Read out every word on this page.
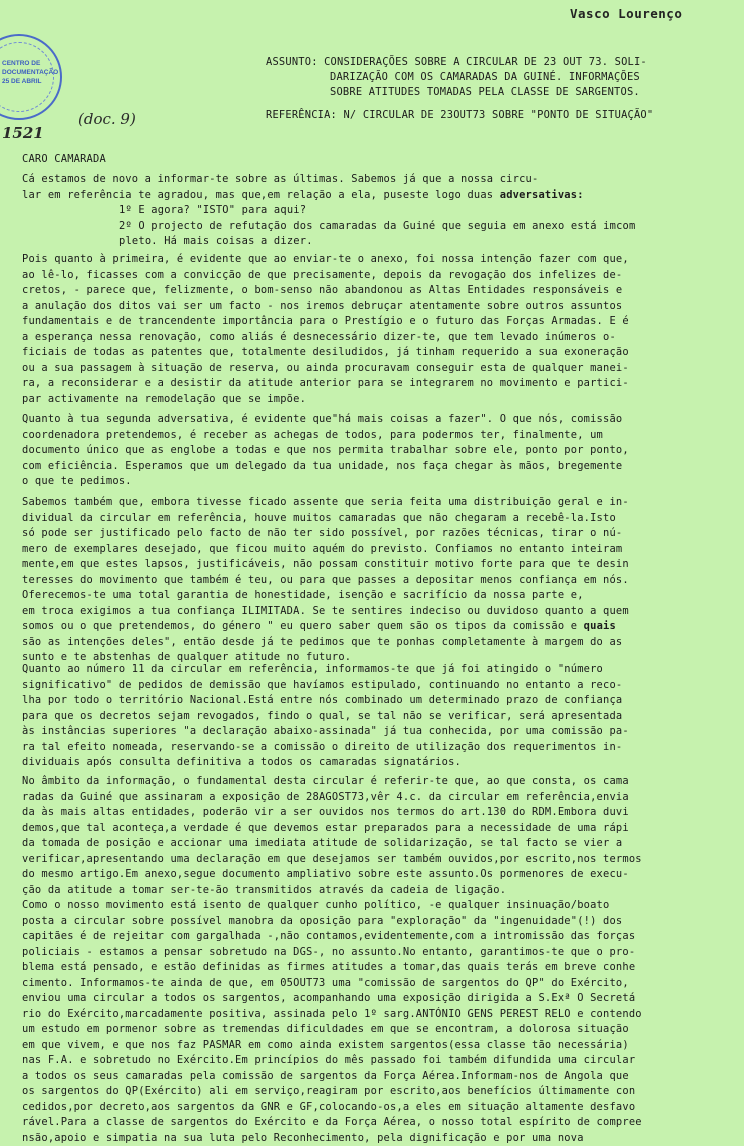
Vasco Lourenço
(doc. 9)
1521
CENTRO DE
DOCUMENTAÇÃO
25 DE ABRIL
ASSUNTO: CONSIDERAÇÕES SOBRE A CIRCULAR DE 23 OUT 73. SOLI-
DARIZAÇÃO COM OS CAMARADAS DA GUINÉ. INFORMAÇÕES
SOBRE ATITUDES TOMADAS PELA CLASSE DE SARGENTOS.
REFERÊNCIA: N/ CIRCULAR DE 23OUT73 SOBRE "PONTO DE SITUAÇÃO"
CARO CAMARADA
Cá estamos de novo a informar-te sobre as últimas. Sabemos já que a nossa circu-
lar em referência te agradou, mas que,em relação a ela, puseste logo duas adversativas:
1º E agora? "ISTO" para aqui?
2º O projecto de refutação dos camaradas da Guiné que seguia em anexo está imcom
pleto. Há mais coisas a dizer.
Pois quanto à primeira, é evidente que ao enviar-te o anexo, foi nossa intenção fazer com que,
ao lê-lo, ficasses com a convicção de que precisamente, depois da revogação dos infelizes de-
cretos, - parece que, felizmente, o bom-senso não abandonou as Altas Entidades responsáveis e
a anulação dos ditos vai ser um facto - nos iremos debruçar atentamente sobre outros assuntos
fundamentais e de trancendente importância para o Prestígio e o futuro das Forças Armadas. E é
a esperança nessa renovação, como aliás é desnecessário dizer-te, que tem levado inúmeros o-
ficiais de todas as patentes que, totalmente desiludidos, já tinham requerido a sua exoneração
ou a sua passagem à situação de reserva, ou ainda procuravam conseguir esta de qualquer manei-
ra, a reconsiderar e a desistir da atitude anterior para se integrarem no movimento e partici-
par activamente na remodelação que se impõe.
Quanto à tua segunda adversativa, é evidente que"há mais coisas a fazer". O que nós, comissão
coordenadora pretendemos, é receber as achegas de todos, para podermos ter, finalmente, um
documento único que as englobe a todas e que nos permita trabalhar sobre ele, ponto por ponto,
com eficiência. Esperamos que um delegado da tua unidade, nos faça chegar às mãos, bregemente
o que te pedimos.
Sabemos também que, embora tivesse ficado assente que seria feita uma distribuição geral e in-
dividual da circular em referência, houve muitos camaradas que não chegaram a recebê-la.Isto
só pode ser justificado pelo facto de não ter sido possível, por razões técnicas, tirar o nú-
mero de exemplares desejado, que ficou muito aquém do previsto. Confiamos no entanto inteiram
mente,em que estes lapsos, justificáveis, não possam constituir motivo forte para que te desin
teresses do movimento que também é teu, ou para que passes a depositar menos confiança em nós.
Oferecemos-te uma total garantia de honestidade, isenção e sacrifício da nossa parte e,
em troca exigimos a tua confiança ILIMITADA. Se te sentires indeciso ou duvidoso quanto a quem
somos ou o que pretendemos, do género " eu quero saber quem são os tipos da comissão e quais
são as intenções deles", então desde já te pedimos que te ponhas completamente à margem do as
sunto e te abstenhas de qualquer atitude no futuro.
Quanto ao número 11 da circular em referência, informamos-te que já foi atingido o "número
significativo" de pedidos de demissão que havíamos estipulado, continuando no entanto a reco-
lha por todo o território Nacional.Está entre nós combinado um determinado prazo de confiança
para que os decretos sejam revogados, findo o qual, se tal não se verificar, será apresentada
às instâncias superiores "a declaração abaixo-assinada" já tua conhecida, por uma comissão pa-
ra tal efeito nomeada, reservando-se a comissão o direito de utilização dos requerimentos in-
dividuais após consulta definitiva a todos os camaradas signatários.
No âmbito da informação, o fundamental desta circular é referir-te que, ao que consta, os cama
radas da Guiné que assinaram a exposição de 28AGOST73,vêr 4.c. da circular em referência,envia
da às mais altas entidades, poderão vir a ser ouvidos nos termos do art.130 do RDM.Embora duvi
demos,que tal aconteça,a verdade é que devemos estar preparados para a necessidade de uma rápi
da tomada de posição e accionar uma imediata atitude de solidarização, se tal facto se vier a
verificar,apresentando uma declaração em que desejamos ser também ouvidos,por escrito,nos termos
do mesmo artigo.Em anexo,segue documento ampliativo sobre este assunto.Os pormenores de execu-
ção da atitude a tomar ser-te-ão transmitidos através da cadeia de ligação.
Como o nosso movimento está isento de qualquer cunho político, -e qualquer insinuação/boato
posta a circular sobre possível manobra da oposição para "exploração" da "ingenuidade"(!) dos
capitães é de rejeitar com gargalhada -,não contamos,evidentemente,com a intromissão das forças
policiais - estamos a pensar sobretudo na DGS-, no assunto.No entanto, garantimos-te que o pro-
blema está pensado, e estão definidas as firmes atitudes a tomar,das quais terás em breve conhe
cimento. Informamos-te ainda de que, em 05OUT73 uma "comissão de sargentos do QP" do Exército,
enviou uma circular a todos os sargentos, acompanhando uma exposição dirigida a S.Exª O Secretá
rio do Exército,marcadamente positiva, assinada pelo 1º sarg.ANTÓNIO GENS PEREST RELO e contendo
um estudo em pormenor sobre as tremendas dificuldades em que se encontram, a dolorosa situação
em que vivem, e que nos faz PASMAR em como ainda existem sargentos(essa classe tão necessária)
nas F.A. e sobretudo no Exército.Em princípios do mês passado foi também difundida uma circular
a todos os seus camaradas pela comissão de sargentos da Força Aérea.Informam-nos de Angola que
os sargentos do QP(Exército) ali em serviço,reagiram por escrito,aos benefícios últimamente con
cedidos,por decreto,aos sargentos da GNR e GF,colocando-os,a eles em situação altamente desfavo
rável.Para a classe de sargentos do Exército e da Força Aérea, o nosso total espírito de compree
nsão,apoio e simpatia na sua luta pelo Reconhecimento, pela dignificação e por uma nova
